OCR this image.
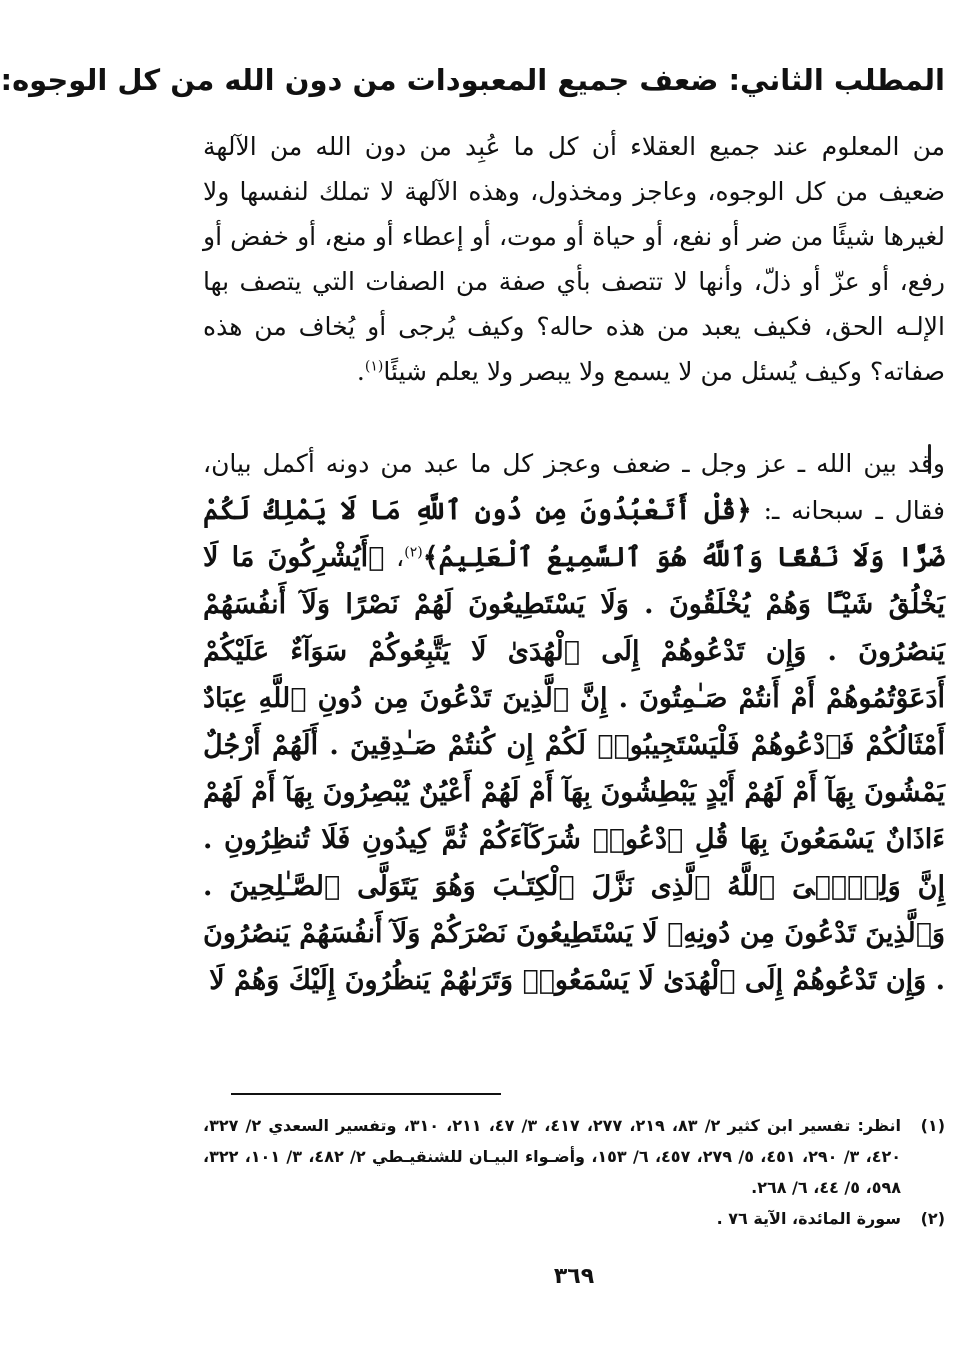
المطلب الثاني: ضعف جميع المعبودات من دون الله من كل الوجوه:

من المعلوم عند جميع العقلاء أن كل ما عُبِد من دون الله من الآلهة ضعيف من كل الوجوه، وعاجز ومخذول، وهذه الآلهة لا تملك لنفسها ولا لغيرها شيئًا من ضر أو نفع، أو حياة أو موت، أو إعطاء أو منع، أو خفض أو رفع، أو عزّ أو ذلّ، وأنها لا تتصف بأي صفة من الصفات التي يتصف بها الإلـه الحق، فكيف يعبد من هذه حاله؟ وكيف يُرجى أو يُخاف من هذه صفاته؟ وكيف يُسئل من لا يسمع ولا يبصر ولا يعلم شيئًا$^{(١)}$.

وقد بين الله ـ عز وجل ـ ضعف وعجز كل ما عبد من دونه أكمل بيان، فقال ـ سبحانه ـ: ﴿قُلْ أَتَعْبُدُونَ مِن دُونِ ٱللَّهِ مَا لَا يَمْلِكُ لَكُمْ ضَرًّا وَلَا نَفْعًا وَٱللَّهُ هُوَ ٱلسَّمِيعُ ٱلْعَلِيمُ﴾$^{(٢)}$، ﴿أَيُشْرِكُونَ مَا لَا يَخْلُقُ شَيْـًٔا وَهُمْ يُخْلَقُونَ . وَلَا يَسْتَطِيعُونَ لَهُمْ نَصْرًا وَلَآ أَنفُسَهُمْ يَنصُرُونَ . وَإِن تَدْعُوهُمْ إِلَى ٱلْهُدَىٰ لَا يَتَّبِعُوكُمْ سَوَآءٌ عَلَيْكُمْ أَدَعَوْتُمُوهُمْ أَمْ أَنتُمْ صَـٰمِتُونَ . إِنَّ ٱلَّذِينَ تَدْعُونَ مِن دُونِ ٱللَّهِ عِبَادٌ أَمْثَالُكُمْ فَٱدْعُوهُمْ فَلْيَسْتَجِيبُوا۟ لَكُمْ إِن كُنتُمْ صَـٰدِقِينَ . أَلَهُمْ أَرْجُلٌ يَمْشُونَ بِهَآ أَمْ لَهُمْ أَيْدٍ يَبْطِشُونَ بِهَآ أَمْ لَهُمْ أَعْيُنٌ يُبْصِرُونَ بِهَآ أَمْ لَهُمْ ءَاذَانٌ يَسْمَعُونَ بِهَا قُلِ ٱدْعُوا۟ شُرَكَآءَكُمْ ثُمَّ كِيدُونِ فَلَا تُنظِرُونِ . إِنَّ وَلِـِّۧىَ ٱللَّهُ ٱلَّذِى نَزَّلَ ٱلْكِتَـٰبَ وَهُوَ يَتَوَلَّى ٱلصَّـٰلِحِينَ . وَٱلَّذِينَ تَدْعُونَ مِن دُونِهِۦ لَا يَسْتَطِيعُونَ نَصْرَكُمْ وَلَآ أَنفُسَهُمْ يَنصُرُونَ . وَإِن تَدْعُوهُمْ إِلَى ٱلْهُدَىٰ لَا يَسْمَعُوا۟ وَتَرَىٰهُمْ يَنظُرُونَ إِلَيْكَ وَهُمْ لَا

(١)
انظر: تفسير ابن كثير ٢/ ٨٣، ٢١٩، ٢٧٧، ٤١٧، ٣/ ٤٧، ٢١١، ٣١٠، وتفسير السعدي ٢/ ٣٢٧، ٤٢٠، ٣/ ٢٩٠، ٤٥١، ٥/ ٢٧٩، ٤٥٧، ٦/ ١٥٣، وأضـواء البيـان للشنقيـطي ٢/ ٤٨٢، ٣/ ١٠١، ٣٢٢، ٥٩٨، ٥/ ٤٤، ٦/ ٢٦٨.
(٢)
سورة المائدة، الآية ٧٦ .
٣٦٩
